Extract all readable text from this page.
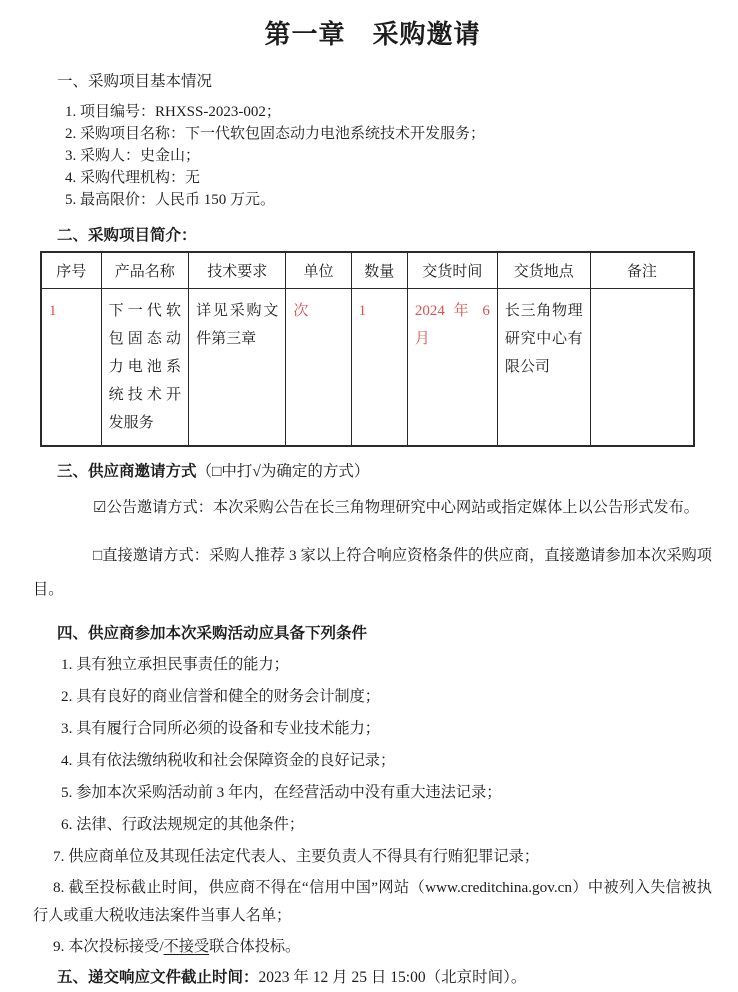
第一章　采购邀请
一、采购项目基本情况

1. 项目编号：RHXSS-2023-002；

2. 采购项目名称：下一代软包固态动力电池系统技术开发服务；

3. 采购人：史金山；

4. 采购代理机构：无

5. 最高限价：人民币 150 万元。

二、采购项目简介：
序号	产品名称	技术要求	单位	数量	交货时间	交货地点	备注
1	下一代软包固态动力电池系统技术开发服务	详见采购文件第三章	次	1	2024 年 6 月	长三角物理研究中心有限公司	
三、供应商邀请方式（□中打√为确定的方式）

☑公告邀请方式：本次采购公告在长三角物理研究中心网站或指定媒体上以公告形式发布。

□直接邀请方式：采购人推荐 3 家以上符合响应资格条件的供应商，直接邀请参加本次采购项目。

四、供应商参加本次采购活动应具备下列条件

1. 具有独立承担民事责任的能力；

2. 具有良好的商业信誉和健全的财务会计制度；

3. 具有履行合同所必须的设备和专业技术能力；

4. 具有依法缴纳税收和社会保障资金的良好记录；

5. 参加本次采购活动前 3 年内，在经营活动中没有重大违法记录；

6. 法律、行政法规规定的其他条件；

7. 供应商单位及其现任法定代表人、主要负责人不得具有行贿犯罪记录；

8. 截至投标截止时间，供应商不得在“信用中国”网站（www.creditchina.gov.cn）中被列入失信被执行人或重大税收违法案件当事人名单；

9. 本次投标接受/不接受联合体投标。

五、递交响应文件截止时间：2023 年 12 月 25 日 15:00（北京时间）。
